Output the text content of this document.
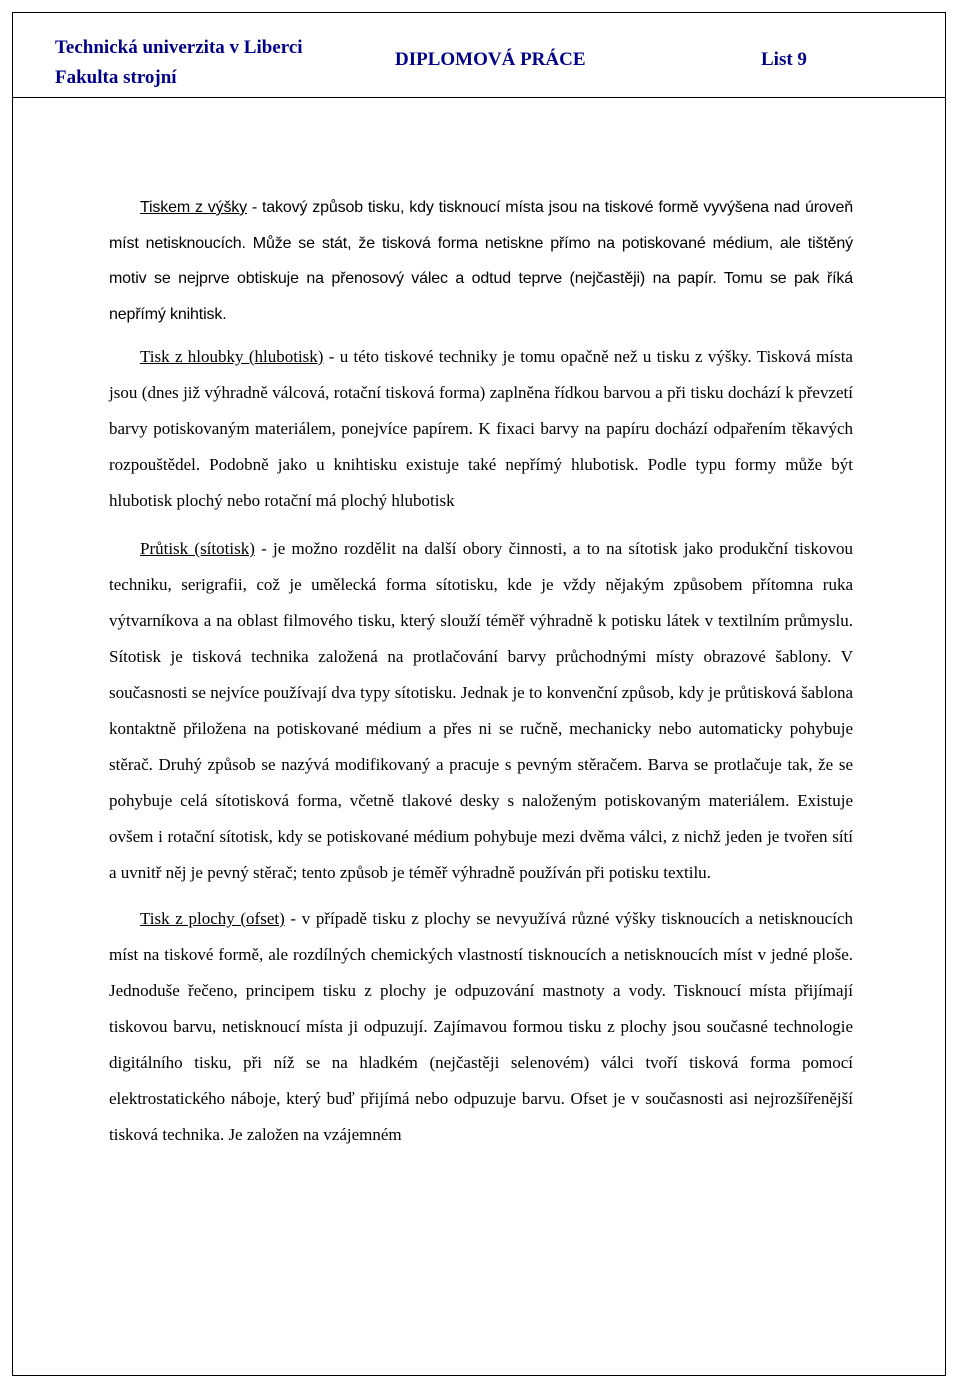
Technická univerzita v Liberci
Fakulta strojní
DIPLOMOVÁ PRÁCE	List 9

Tiskem z výšky - takový způsob tisku, kdy tisknoucí místa jsou na tiskové formě vyvýšena nad úroveň míst netisknoucích. Může se stát, že tisková forma netiskne přímo na potiskované médium, ale tištěný motiv se nejprve obtiskuje na přenosový válec a odtud teprve (nejčastěji) na papír. Tomu se pak říká nepřímý knihtisk.

Tisk z hloubky (hlubotisk) - u této tiskové techniky je tomu opačně než u tisku z výšky. Tisková místa jsou (dnes již výhradně válcová, rotační tisková forma) zaplněna řídkou barvou a při tisku dochází k převzetí barvy potiskovaným materiálem, ponejvíce papírem. K fixaci barvy na papíru dochází odpařením těkavých rozpouštědel. Podobně jako u knihtisku existuje také nepřímý hlubotisk. Podle typu formy může být hlubotisk plochý nebo rotační má plochý hlubotisk

Průtisk (sítotisk) - je možno rozdělit na další obory činnosti, a to na sítotisk jako produkční tiskovou techniku, serigrafii, což je umělecká forma sítotisku, kde je vždy nějakým způsobem přítomna ruka výtvarníkova a na oblast filmového tisku, který slouží téměř výhradně k potisku látek v textilním průmyslu. Sítotisk je tisková technika založená na protlačování barvy průchodnými místy obrazové šablony. V současnosti se nejvíce používají dva typy sítotisku. Jednak je to konvenční způsob, kdy je průtisková šablona kontaktně přiložena na potiskované médium a přes ni se ručně, mechanicky nebo automaticky pohybuje stěrač. Druhý způsob se nazývá modifikovaný a pracuje s pevným stěračem. Barva se protlačuje tak, že se pohybuje celá sítotisková forma, včetně tlakové desky s naloženým potiskovaným materiálem. Existuje ovšem i rotační sítotisk, kdy se potiskované médium pohybuje mezi dvěma válci, z nichž jeden je tvořen sítí a uvnitř něj je pevný stěrač; tento způsob je téměř výhradně používán při potisku textilu.

Tisk z plochy (ofset) - v případě tisku z plochy se nevyužívá různé výšky tisknoucích a netisknoucích míst na tiskové formě, ale rozdílných chemických vlastností tisknoucích a netisknoucích míst v jedné ploše. Jednoduše řečeno, principem tisku z plochy je odpuzování mastnoty a vody. Tisknoucí místa přijímají tiskovou barvu, netisknoucí místa ji odpuzují. Zajímavou formou tisku z plochy jsou současné technologie digitálního tisku, při níž se na hladkém (nejčastěji selenovém) válci tvoří tisková forma pomocí elektrostatického náboje, který buď přijímá nebo odpuzuje barvu. Ofset je v současnosti asi nejrozšířenější tisková technika. Je založen na vzájemném
